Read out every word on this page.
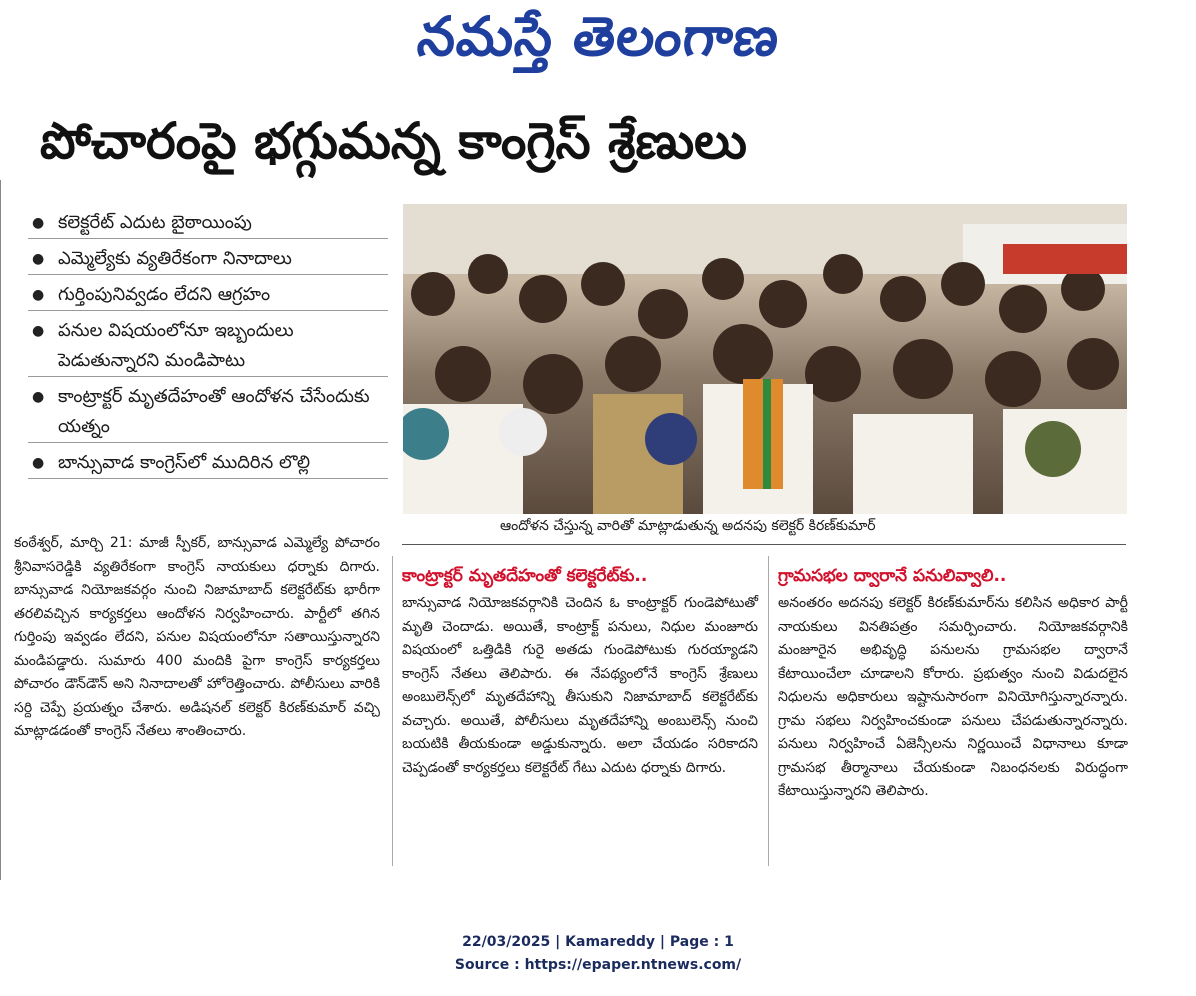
నమస్తే తెలంగాణ
పోచారంపై భగ్గుమన్న కాంగ్రెస్ శ్రేణులు
● కలెక్టరేట్ ఎదుట బైఠాయింపు
● ఎమ్మెల్యేకు వ్యతిరేకంగా నినాదాలు
● గుర్తింపునివ్వడం లేదని ఆగ్రహం
● పనుల విషయంలోనూ ఇబ్బందులు పెడుతున్నారని మండిపాటు
● కాంట్రాక్టర్ మృతదేహంతో ఆందోళన చేసేందుకు యత్నం
● బాన్సువాడ కాంగ్రెస్‌లో ముదిరిన లొల్లి
ఆందోళన చేస్తున్న వారితో మాట్లాడుతున్న అదనపు కలెక్టర్ కిరణ్‌కుమార్
కంఠేశ్వర్, మార్చి 21: మాజీ స్పీకర్, బాన్సువాడ ఎమ్మెల్యే పోచారం శ్రీనివాసరెడ్డికి వ్యతిరేకంగా కాంగ్రెస్ నాయకులు ధర్నాకు దిగారు. బాన్సువాడ నియోజకవర్గం నుంచి నిజామాబాద్ కలెక్టరేట్‌కు భారీగా తరలివచ్చిన కార్యకర్తలు ఆందోళన నిర్వహించారు. పార్టీలో తగిన గుర్తింపు ఇవ్వడం లేదని, పనుల విషయంలోనూ సతాయిస్తున్నారని మండిపడ్డారు. సుమారు 400 మందికి పైగా కాంగ్రెస్ కార్యకర్తలు పోచారం డౌన్‌డౌన్ అని నినాదాలతో హోరెత్తించారు. పోలీసులు వారికి సర్ది చెప్పే ప్రయత్నం చేశారు. అడిషనల్ కలెక్టర్ కిరణ్‌కుమార్ వచ్చి మాట్లాడడంతో కాంగ్రెస్ నేతలు శాంతించారు.
కాంట్రాక్టర్ మృతదేహంతో కలెక్టరేట్‌కు..
బాన్సువాడ నియోజకవర్గానికి చెందిన ఓ కాంట్రాక్టర్ గుండెపోటుతో మృతి చెందాడు. అయితే, కాంట్రాక్ట్ పనులు, నిధుల మంజూరు విషయంలో ఒత్తిడికి గురై అతడు గుండెపోటుకు గురయ్యాడని కాంగ్రెస్ నేతలు తెలిపారు. ఈ నేపథ్యంలోనే కాంగ్రెస్ శ్రేణులు అంబులెన్స్‌లో మృతదేహాన్ని తీసుకుని నిజామాబాద్ కలెక్టరేట్‌కు వచ్చారు. అయితే, పోలీసులు మృతదేహాన్ని అంబులెన్స్ నుంచి బయటికి తీయకుండా అడ్డుకున్నారు. అలా చేయడం సరికాదని చెప్పడంతో కార్యకర్తలు కలెక్టరేట్ గేటు ఎదుట ధర్నాకు దిగారు.
గ్రామసభల ద్వారానే పనులివ్వాలి..
అనంతరం అదనపు కలెక్టర్ కిరణ్‌కుమార్‌ను కలిసిన అధికార పార్టీ నాయకులు వినతిపత్రం సమర్పించారు. నియోజకవర్గానికి మంజూరైన అభివృద్ధి పనులను గ్రామసభల ద్వారానే కేటాయించేలా చూడాలని కోరారు. ప్రభుత్వం నుంచి విడుదలైన నిధులను అధికారులు ఇష్టానుసారంగా వినియోగిస్తున్నారన్నారు. గ్రామ సభలు నిర్వహించకుండా పనులు చేపడుతున్నారన్నారు. పనులు నిర్వహించే ఏజెన్సీలను నిర్ణయించే విధానాలు కూడా గ్రామసభ తీర్మానాలు చేయకుండా నిబంధనలకు విరుద్ధంగా కేటాయిస్తున్నారని తెలిపారు.
22/03/2025 | Kamareddy | Page : 1
Source : https://epaper.ntnews.com/
